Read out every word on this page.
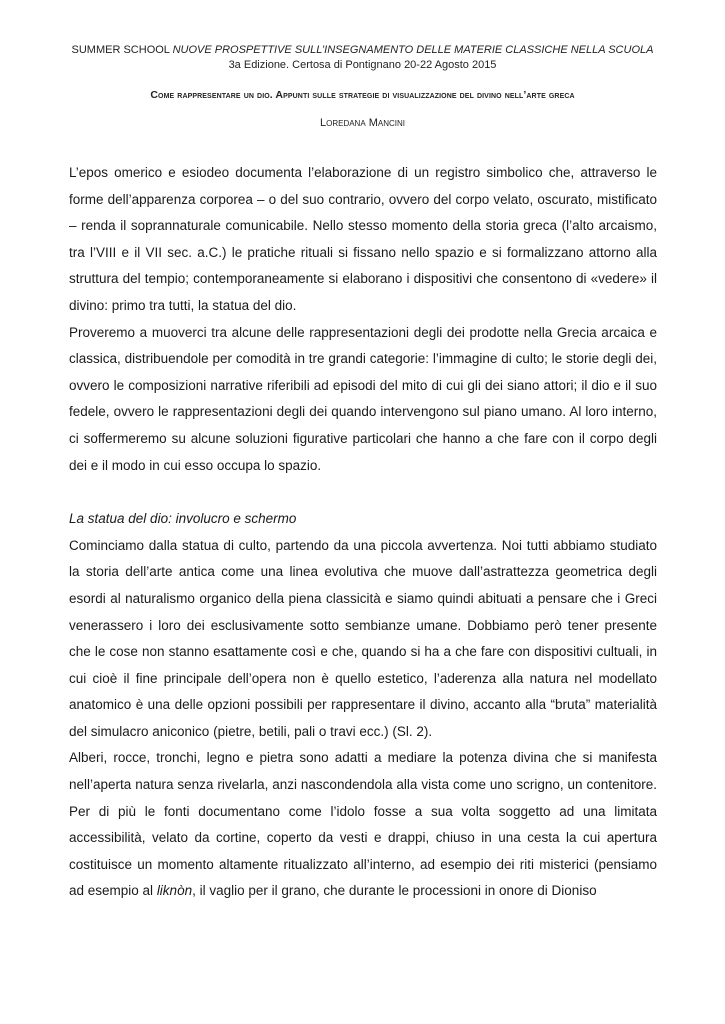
SUMMER SCHOOL NUOVE PROSPETTIVE SULL’INSEGNAMENTO DELLE MATERIE CLASSICHE NELLA SCUOLA
3a Edizione. Certosa di Pontignano 20-22 Agosto 2015
Come rappresentare un dio. Appunti sulle strategie di visualizzazione del divino nell’arte greca
Loredana Mancini

L’epos omerico e esiodeo documenta l’elaborazione di un registro simbolico che, attraverso le forme dell’apparenza corporea – o del suo contrario, ovvero del corpo velato, oscurato, mistificato – renda il soprannaturale comunicabile. Nello stesso momento della storia greca (l’alto arcaismo, tra l’VIII e il VII sec. a.C.) le pratiche rituali si fissano nello spazio e si formalizzano attorno alla struttura del tempio; contemporaneamente si elaborano i dispositivi che consentono di «vedere» il divino: primo tra tutti, la statua del dio.

Proveremo a muoverci tra alcune delle rappresentazioni degli dei prodotte nella Grecia arcaica e classica, distribuendole per comodità in tre grandi categorie: l’immagine di culto; le storie degli dei, ovvero le composizioni narrative riferibili ad episodi del mito di cui gli dei siano attori; il dio e il suo fedele, ovvero le rappresentazioni degli dei quando intervengono sul piano umano. Al loro interno, ci soffermeremo su alcune soluzioni figurative particolari che hanno a che fare con il corpo degli dei e il modo in cui esso occupa lo spazio.

La statua del dio: involucro e schermo

Cominciamo dalla statua di culto, partendo da una piccola avvertenza. Noi tutti abbiamo studiato la storia dell’arte antica come una linea evolutiva che muove dall’astrattezza geometrica degli esordi al naturalismo organico della piena classicità e siamo quindi abituati a pensare che i Greci venerassero i loro dei esclusivamente sotto sembianze umane. Dobbiamo però tener presente che le cose non stanno esattamente così e che, quando si ha a che fare con dispositivi cultuali, in cui cioè il fine principale dell’opera non è quello estetico, l’aderenza alla natura nel modellato anatomico è una delle opzioni possibili per rappresentare il divino, accanto alla “bruta” materialità del simulacro aniconico (pietre, betili, pali o travi ecc.) (Sl. 2).

Alberi, rocce, tronchi, legno e pietra sono adatti a mediare la potenza divina che si manifesta nell’aperta natura senza rivelarla, anzi nascondendola alla vista come uno scrigno, un contenitore. Per di più le fonti documentano come l’idolo fosse a sua volta soggetto ad una limitata accessibilità, velato da cortine, coperto da vesti e drappi, chiuso in una cesta la cui apertura costituisce un momento altamente ritualizzato all’interno, ad esempio dei riti misterici (pensiamo ad esempio al liknòn, il vaglio per il grano, che durante le processioni in onore di Dioniso
